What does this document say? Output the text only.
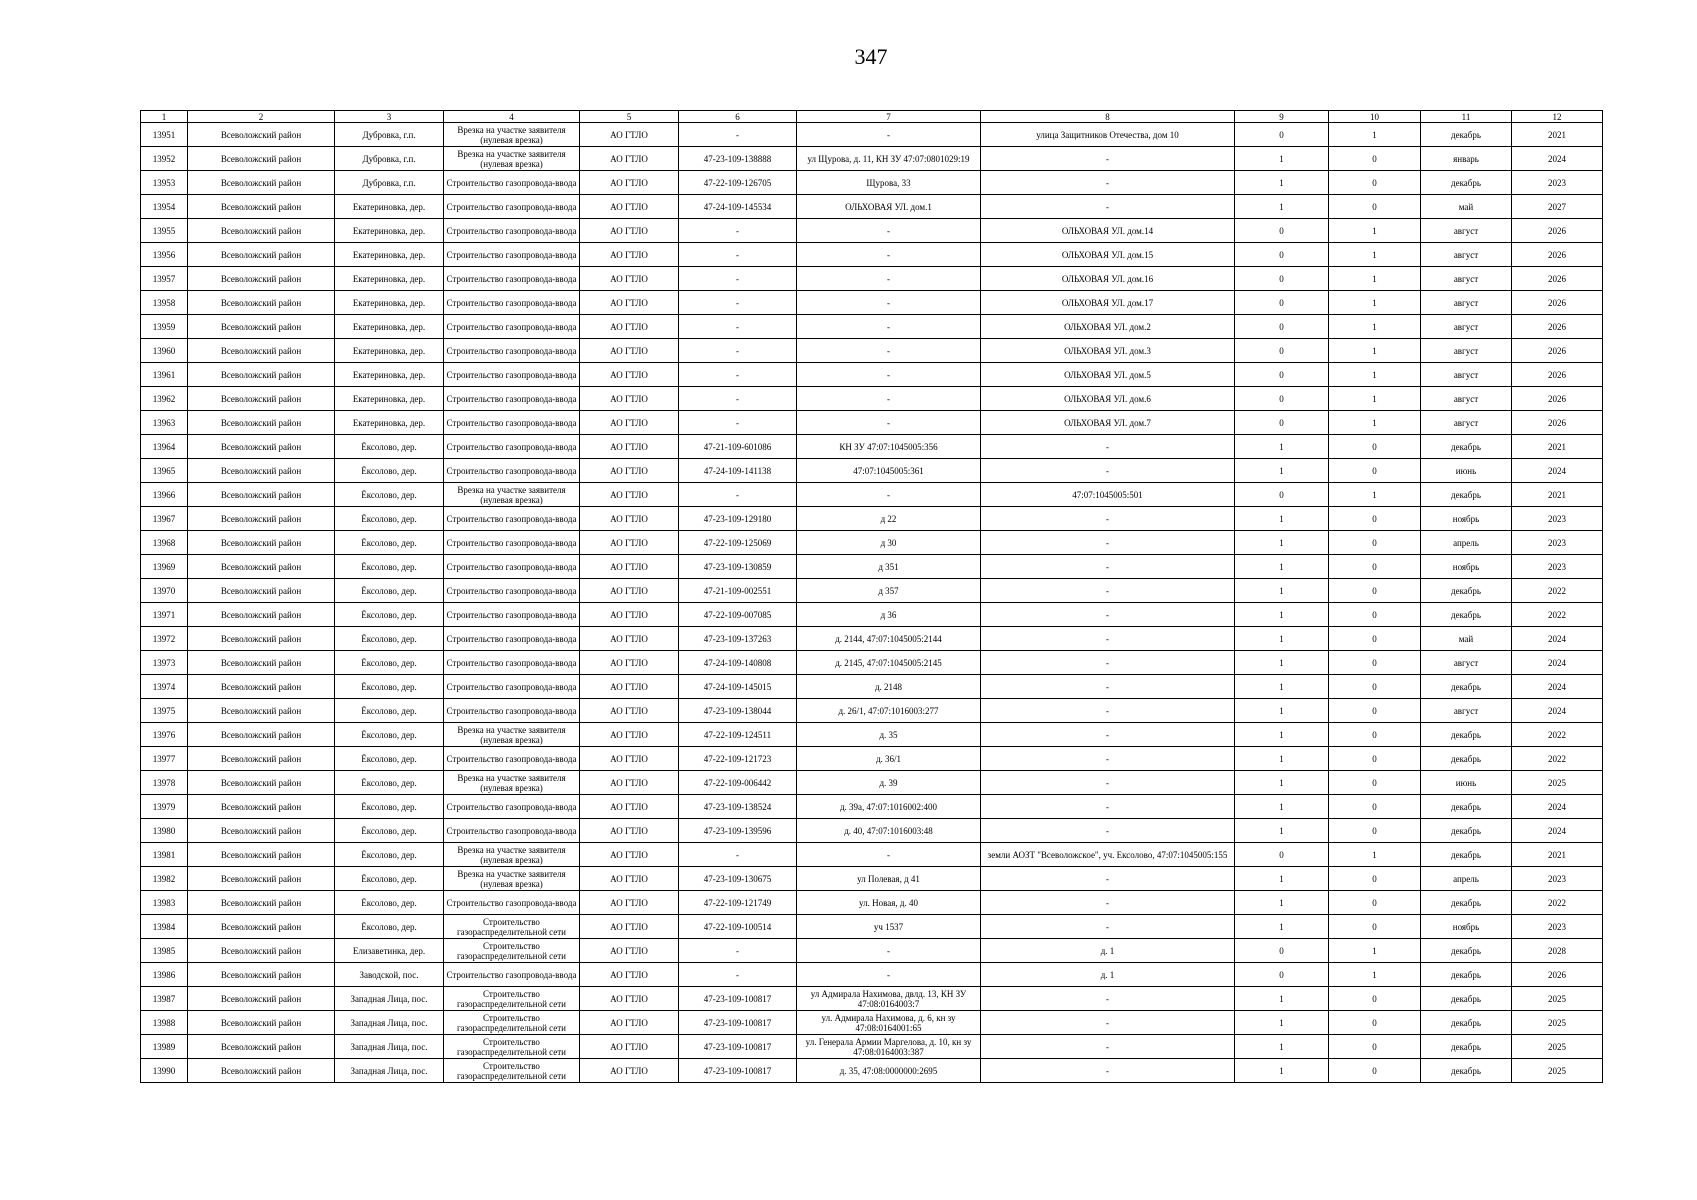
347
1	2	3	4	5	6	7	8	9	10	11	12
13951	Всеволожский район	Дубровка, г.п.	Врезка на участке заявителя (нулевая врезка)	АО ГТЛО	-	-	улица Защитников Отечества, дом 10	0	1	декабрь	2021
13952	Всеволожский район	Дубровка, г.п.	Врезка на участке заявителя (нулевая врезка)	АО ГТЛО	47-23-109-138888	ул Щурова, д. 11, КН ЗУ 47:07:0801029:19	-	1	0	январь	2024
13953	Всеволожский район	Дубровка, г.п.	Строительство газопровода-ввода	АО ГТЛО	47-22-109-126705	Щурова, 33	-	1	0	декабрь	2023
13954	Всеволожский район	Екатериновка, дер.	Строительство газопровода-ввода	АО ГТЛО	47-24-109-145534	ОЛЬХОВАЯ УЛ. дом.1	-	1	0	май	2027
13955	Всеволожский район	Екатериновка, дер.	Строительство газопровода-ввода	АО ГТЛО	-	-	ОЛЬХОВАЯ УЛ. дом.14	0	1	август	2026
13956	Всеволожский район	Екатериновка, дер.	Строительство газопровода-ввода	АО ГТЛО	-	-	ОЛЬХОВАЯ УЛ. дом.15	0	1	август	2026
13957	Всеволожский район	Екатериновка, дер.	Строительство газопровода-ввода	АО ГТЛО	-	-	ОЛЬХОВАЯ УЛ. дом.16	0	1	август	2026
13958	Всеволожский район	Екатериновка, дер.	Строительство газопровода-ввода	АО ГТЛО	-	-	ОЛЬХОВАЯ УЛ. дом.17	0	1	август	2026
13959	Всеволожский район	Екатериновка, дер.	Строительство газопровода-ввода	АО ГТЛО	-	-	ОЛЬХОВАЯ УЛ. дом.2	0	1	август	2026
13960	Всеволожский район	Екатериновка, дер.	Строительство газопровода-ввода	АО ГТЛО	-	-	ОЛЬХОВАЯ УЛ. дом.3	0	1	август	2026
13961	Всеволожский район	Екатериновка, дер.	Строительство газопровода-ввода	АО ГТЛО	-	-	ОЛЬХОВАЯ УЛ. дом.5	0	1	август	2026
13962	Всеволожский район	Екатериновка, дер.	Строительство газопровода-ввода	АО ГТЛО	-	-	ОЛЬХОВАЯ УЛ. дом.6	0	1	август	2026
13963	Всеволожский район	Екатериновка, дер.	Строительство газопровода-ввода	АО ГТЛО	-	-	ОЛЬХОВАЯ УЛ. дом.7	0	1	август	2026
13964	Всеволожский район	Ёксолово, дер.	Строительство газопровода-ввода	АО ГТЛО	47-21-109-601086	КН ЗУ 47:07:1045005:356	-	1	0	декабрь	2021
13965	Всеволожский район	Ёксолово, дер.	Строительство газопровода-ввода	АО ГТЛО	47-24-109-141138	47:07:1045005:361	-	1	0	июнь	2024
13966	Всеволожский район	Ёксолово, дер.	Врезка на участке заявителя (нулевая врезка)	АО ГТЛО	-	-	47:07:1045005:501	0	1	декабрь	2021
13967	Всеволожский район	Ёксолово, дер.	Строительство газопровода-ввода	АО ГТЛО	47-23-109-129180	д 22	-	1	0	ноябрь	2023
13968	Всеволожский район	Ёксолово, дер.	Строительство газопровода-ввода	АО ГТЛО	47-22-109-125069	д 30	-	1	0	апрель	2023
13969	Всеволожский район	Ёксолово, дер.	Строительство газопровода-ввода	АО ГТЛО	47-23-109-130859	д 351	-	1	0	ноябрь	2023
13970	Всеволожский район	Ёксолово, дер.	Строительство газопровода-ввода	АО ГТЛО	47-21-109-002551	д 357	-	1	0	декабрь	2022
13971	Всеволожский район	Ёксолово, дер.	Строительство газопровода-ввода	АО ГТЛО	47-22-109-007085	д 36	-	1	0	декабрь	2022
13972	Всеволожский район	Ёксолово, дер.	Строительство газопровода-ввода	АО ГТЛО	47-23-109-137263	д. 2144, 47:07:1045005:2144	-	1	0	май	2024
13973	Всеволожский район	Ёксолово, дер.	Строительство газопровода-ввода	АО ГТЛО	47-24-109-140808	д. 2145, 47:07:1045005:2145	-	1	0	август	2024
13974	Всеволожский район	Ёксолово, дер.	Строительство газопровода-ввода	АО ГТЛО	47-24-109-145015	д. 2148	-	1	0	декабрь	2024
13975	Всеволожский район	Ёксолово, дер.	Строительство газопровода-ввода	АО ГТЛО	47-23-109-138044	д. 26/1, 47:07:1016003:277	-	1	0	август	2024
13976	Всеволожский район	Ёксолово, дер.	Врезка на участке заявителя (нулевая врезка)	АО ГТЛО	47-22-109-124511	д. 35	-	1	0	декабрь	2022
13977	Всеволожский район	Ёксолово, дер.	Строительство газопровода-ввода	АО ГТЛО	47-22-109-121723	д. 36/1	-	1	0	декабрь	2022
13978	Всеволожский район	Ёксолово, дер.	Врезка на участке заявителя (нулевая врезка)	АО ГТЛО	47-22-109-006442	д. 39	-	1	0	июнь	2025
13979	Всеволожский район	Ёксолово, дер.	Строительство газопровода-ввода	АО ГТЛО	47-23-109-138524	д. 39а, 47:07:1016002:400	-	1	0	декабрь	2024
13980	Всеволожский район	Ёксолово, дер.	Строительство газопровода-ввода	АО ГТЛО	47-23-109-139596	д. 40, 47:07:1016003:48	-	1	0	декабрь	2024
13981	Всеволожский район	Ёксолово, дер.	Врезка на участке заявителя (нулевая врезка)	АО ГТЛО	-	-	земли АОЗТ "Всеволожское", уч. Ексолово, 47:07:1045005:155	0	1	декабрь	2021
13982	Всеволожский район	Ёксолово, дер.	Врезка на участке заявителя (нулевая врезка)	АО ГТЛО	47-23-109-130675	ул Полевая, д 41	-	1	0	апрель	2023
13983	Всеволожский район	Ёксолово, дер.	Строительство газопровода-ввода	АО ГТЛО	47-22-109-121749	ул. Новая, д. 40	-	1	0	декабрь	2022
13984	Всеволожский район	Ёксолово, дер.	Строительство газораспределительной сети	АО ГТЛО	47-22-109-100514	уч 1537	-	1	0	ноябрь	2023
13985	Всеволожский район	Елизаветинка, дер.	Строительство газораспределительной сети	АО ГТЛО	-	-	д. 1	0	1	декабрь	2028
13986	Всеволожский район	Заводской, пос.	Строительство газопровода-ввода	АО ГТЛО	-	-	д. 1	0	1	декабрь	2026
13987	Всеволожский район	Западная Лица, пос.	Строительство газораспределительной сети	АО ГТЛО	47-23-109-100817	ул Адмирала Нахимова, двлд. 13, КН ЗУ 47:08:0164003:7	-	1	0	декабрь	2025
13988	Всеволожский район	Западная Лица, пос.	Строительство газораспределительной сети	АО ГТЛО	47-23-109-100817	ул. Адмирала Нахимова, д. 6, кн зу 47:08:0164001:65	-	1	0	декабрь	2025
13989	Всеволожский район	Западная Лица, пос.	Строительство газораспределительной сети	АО ГТЛО	47-23-109-100817	ул. Генерала Армии Маргелова, д. 10, кн зу 47:08:0164003:387	-	1	0	декабрь	2025
13990	Всеволожский район	Западная Лица, пос.	Строительство газораспределительной сети	АО ГТЛО	47-23-109-100817	д. 35, 47:08:0000000:2695	-	1	0	декабрь	2025
